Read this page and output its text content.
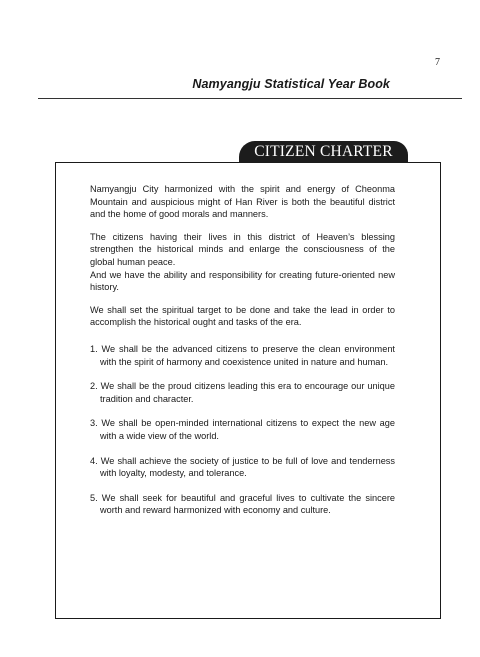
7
Namyangju Statistical Year Book
CITIZEN CHARTER

Namyangju City harmonized with the spirit and energy of Cheonma Mountain and auspicious might of Han River is both the beautiful district and the home of good morals and manners.

The citizens having their lives in this district of Heaven’s blessing strengthen the historical minds and enlarge the consciousness of the global human peace.

And we have the ability and responsibility for creating future-oriented new history.

We shall set the spiritual target to be done and take the lead in order to accomplish the historical ought and tasks of the era.

1. We shall be the advanced citizens to preserve the clean environment with the spirit of harmony and coexistence united in nature and human.
2. We shall be the proud citizens leading this era to encourage our unique tradition and character.
3. We shall be open-minded international citizens to expect the new age with a wide view of the world.
4. We shall achieve the society of justice to be full of love and tenderness with loyalty, modesty, and tolerance.
5. We shall seek for beautiful and graceful lives to cultivate the sincere worth and reward harmonized with economy and culture.
